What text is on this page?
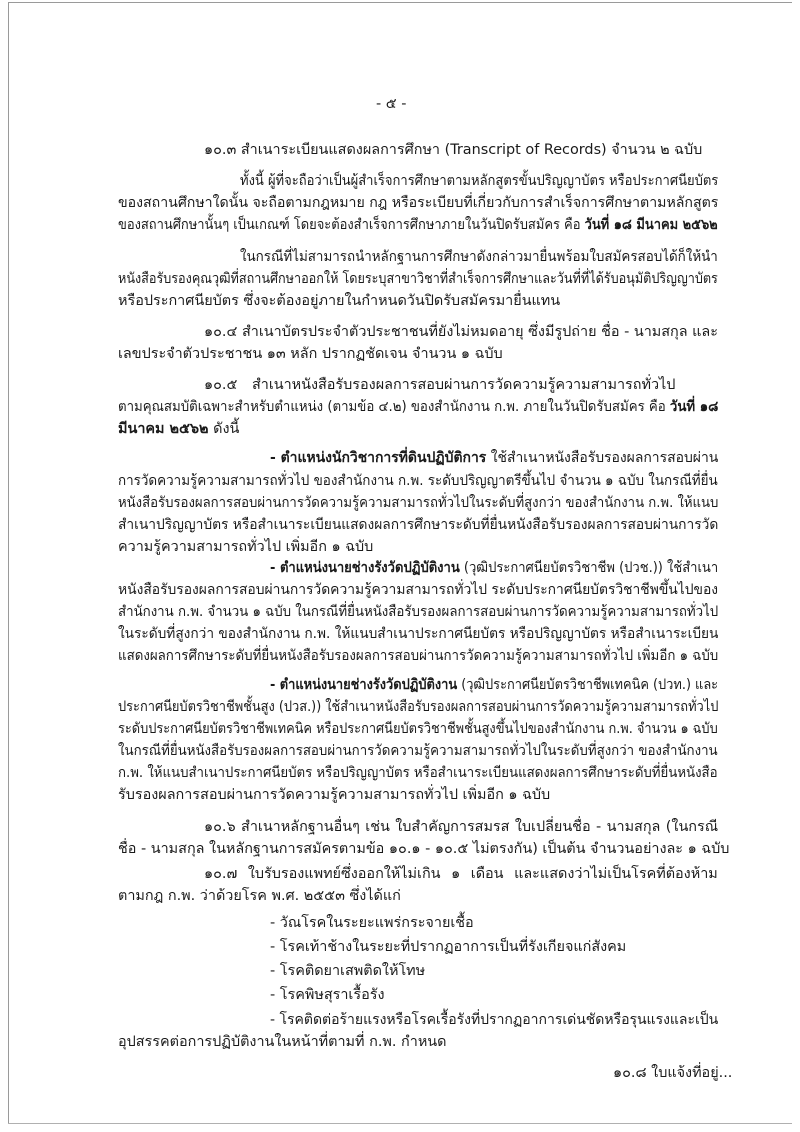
- ๕ -
๑๐.๓ สำเนาระเบียนแสดงผลการศึกษา (Transcript of Records) จำนวน ๒ ฉบับ
ทั้งนี้ ผู้ที่จะถือว่าเป็นผู้สำเร็จการศึกษาตามหลักสูตรขั้นปริญญาบัตร หรือประกาศนียบัตร
ของสถานศึกษาใดนั้น จะถือตามกฎหมาย กฎ หรือระเบียบที่เกี่ยวกับการสำเร็จการศึกษาตามหลักสูตร
ของสถานศึกษานั้นๆ เป็นเกณฑ์ โดยจะต้องสำเร็จการศึกษาภายในวันปิดรับสมัคร คือ วันที่ ๑๘ มีนาคม ๒๕๖๒
ในกรณีที่ไม่สามารถนำหลักฐานการศึกษาดังกล่าวมายื่นพร้อมใบสมัครสอบได้ก็ให้นำ
หนังสือรับรองคุณวุฒิที่สถานศึกษาออกให้ โดยระบุสาขาวิชาที่สำเร็จการศึกษาและวันที่ที่ได้รับอนุมัติปริญญาบัตร
หรือประกาศนียบัตร ซึ่งจะต้องอยู่ภายในกำหนดวันปิดรับสมัครมายื่นแทน
๑๐.๔ สำเนาบัตรประจำตัวประชาชนที่ยังไม่หมดอายุ ซึ่งมีรูปถ่าย ชื่อ - นามสกุล และ
เลขประจำตัวประชาชน ๑๓ หลัก ปรากฏชัดเจน จำนวน ๑ ฉบับ
๑๐.๕ สำเนาหนังสือรับรองผลการสอบผ่านการวัดความรู้ความสามารถทั่วไป
ตามคุณสมบัติเฉพาะสำหรับตำแหน่ง (ตามข้อ ๔.๒) ของสำนักงาน ก.พ. ภายในวันปิดรับสมัคร คือ วันที่ ๑๘
มีนาคม ๒๕๖๒ ดังนี้
- ตำแหน่งนักวิชาการที่ดินปฏิบัติการ ใช้สำเนาหนังสือรับรองผลการสอบผ่าน
การวัดความรู้ความสามารถทั่วไป ของสำนักงาน ก.พ. ระดับปริญญาตรีขึ้นไป จำนวน ๑ ฉบับ ในกรณีที่ยื่น
หนังสือรับรองผลการสอบผ่านการวัดความรู้ความสามารถทั่วไปในระดับที่สูงกว่า ของสำนักงาน ก.พ. ให้แนบ
สำเนาปริญญาบัตร หรือสำเนาระเบียนแสดงผลการศึกษาระดับที่ยื่นหนังสือรับรองผลการสอบผ่านการวัด
ความรู้ความสามารถทั่วไป เพิ่มอีก ๑ ฉบับ
- ตำแหน่งนายช่างรังวัดปฏิบัติงาน (วุฒิประกาศนียบัตรวิชาชีพ (ปวช.)) ใช้สำเนา
หนังสือรับรองผลการสอบผ่านการวัดความรู้ความสามารถทั่วไป ระดับประกาศนียบัตรวิชาชีพขึ้นไปของ
สำนักงาน ก.พ. จำนวน ๑ ฉบับ ในกรณีที่ยื่นหนังสือรับรองผลการสอบผ่านการวัดความรู้ความสามารถทั่วไป
ในระดับที่สูงกว่า ของสำนักงาน ก.พ. ให้แนบสำเนาประกาศนียบัตร หรือปริญญาบัตร หรือสำเนาระเบียน
แสดงผลการศึกษาระดับที่ยื่นหนังสือรับรองผลการสอบผ่านการวัดความรู้ความสามารถทั่วไป เพิ่มอีก ๑ ฉบับ
- ตำแหน่งนายช่างรังวัดปฏิบัติงาน (วุฒิประกาศนียบัตรวิชาชีพเทคนิค (ปวท.) และ
ประกาศนียบัตรวิชาชีพชั้นสูง (ปวส.)) ใช้สำเนาหนังสือรับรองผลการสอบผ่านการวัดความรู้ความสามารถทั่วไป
ระดับประกาศนียบัตรวิชาชีพเทคนิค หรือประกาศนียบัตรวิชาชีพชั้นสูงขึ้นไปของสำนักงาน ก.พ. จำนวน ๑ ฉบับ
ในกรณีที่ยื่นหนังสือรับรองผลการสอบผ่านการวัดความรู้ความสามารถทั่วไปในระดับที่สูงกว่า ของสำนักงาน
ก.พ. ให้แนบสำเนาประกาศนียบัตร หรือปริญญาบัตร หรือสำเนาระเบียนแสดงผลการศึกษาระดับที่ยื่นหนังสือ
รับรองผลการสอบผ่านการวัดความรู้ความสามารถทั่วไป เพิ่มอีก ๑ ฉบับ
๑๐.๖ สำเนาหลักฐานอื่นๆ เช่น ใบสำคัญการสมรส ใบเปลี่ยนชื่อ - นามสกุล (ในกรณี
ชื่อ - นามสกุล ในหลักฐานการสมัครตามข้อ ๑๐.๑ - ๑๐.๕ ไม่ตรงกัน) เป็นต้น จำนวนอย่างละ ๑ ฉบับ
๑๐.๗ ใบรับรองแพทย์ซึ่งออกให้ไม่เกิน ๑ เดือน และแสดงว่าไม่เป็นโรคที่ต้องห้าม
ตามกฎ ก.พ. ว่าด้วยโรค พ.ศ. ๒๕๕๓ ซึ่งได้แก่
- วัณโรคในระยะแพร่กระจายเชื้อ
- โรคเท้าช้างในระยะที่ปรากฏอาการเป็นที่รังเกียจแก่สังคม
- โรคติดยาเสพติดให้โทษ
- โรคพิษสุราเรื้อรัง
- โรคติดต่อร้ายแรงหรือโรคเรื้อรังที่ปรากฏอาการเด่นชัดหรือรุนแรงและเป็น
อุปสรรคต่อการปฏิบัติงานในหน้าที่ตามที่ ก.พ. กำหนด
๑๐.๘ ใบแจ้งที่อยู่...
